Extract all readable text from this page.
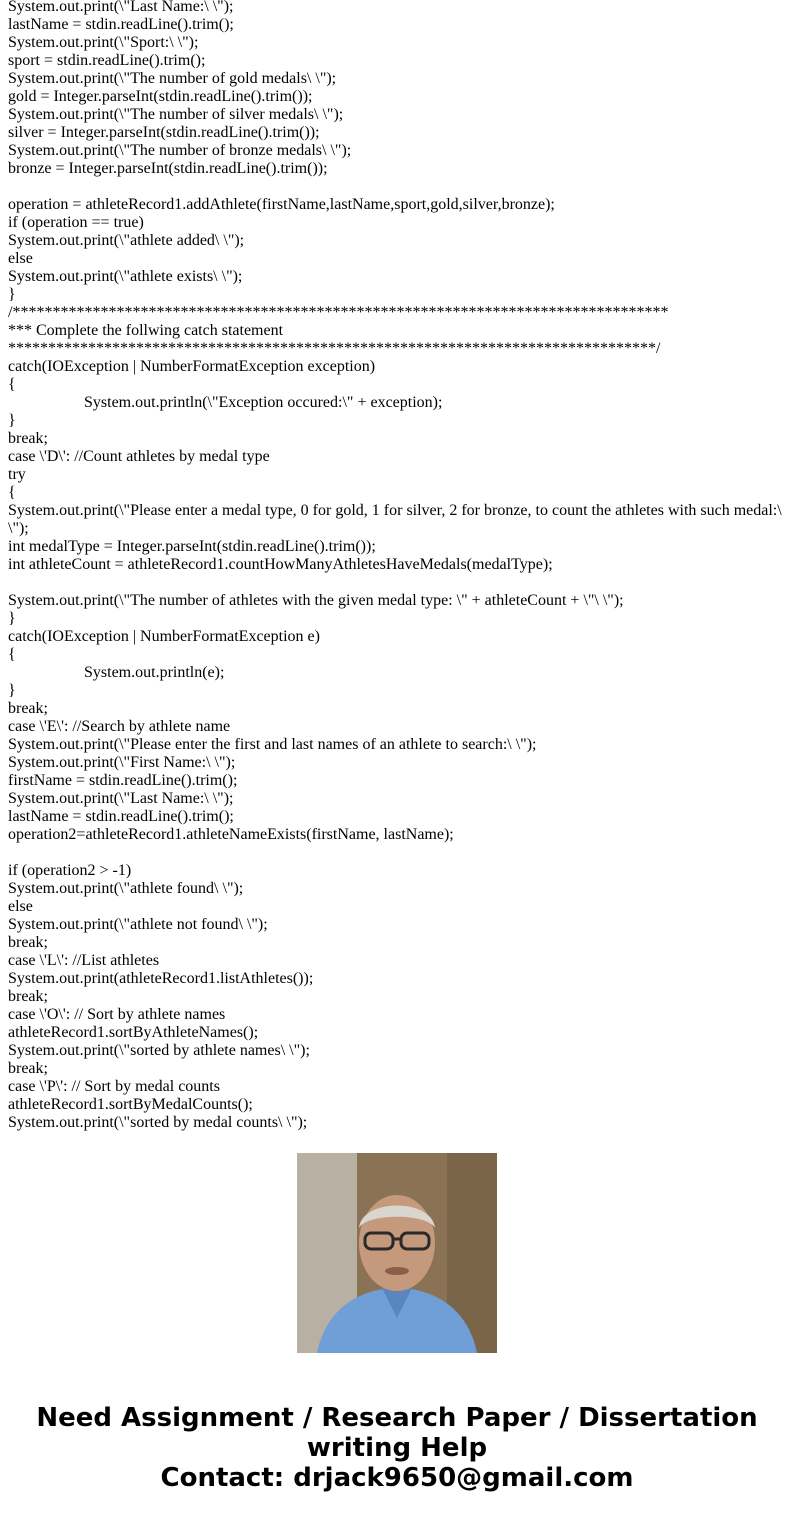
System.out.print(\"Last Name:\ \");
lastName = stdin.readLine().trim();
System.out.print(\"Sport:\ \");
sport = stdin.readLine().trim();
System.out.print(\"The number of gold medals\ \");
gold = Integer.parseInt(stdin.readLine().trim());
System.out.print(\"The number of silver medals\ \");
silver = Integer.parseInt(stdin.readLine().trim());
System.out.print(\"The number of bronze medals\ \");
bronze = Integer.parseInt(stdin.readLine().trim());
operation = athleteRecord1.addAthlete(firstName,lastName,sport,gold,silver,bronze);
if (operation == true)
System.out.print(\"athlete added\ \");
else
System.out.print(\"athlete exists\ \");
}
/**********************************************************************************
*** Complete the follwing catch statement
*********************************************************************************/
catch(IOException | NumberFormatException exception)
{
System.out.println(\"Exception occured:\" + exception);
}
break;
case \'D\': //Count athletes by medal type
try
{
System.out.print(\"Please enter a medal type, 0 for gold, 1 for silver, 2 for bronze, to count the athletes with such medal:\ \");
int medalType = Integer.parseInt(stdin.readLine().trim());
int athleteCount = athleteRecord1.countHowManyAthletesHaveMedals(medalType);
System.out.print(\"The number of athletes with the given medal type: \" + athleteCount + \"\ \");
}
catch(IOException | NumberFormatException e)
{
System.out.println(e);
}
break;
case \'E\': //Search by athlete name
System.out.print(\"Please enter the first and last names of an athlete to search:\ \");
System.out.print(\"First Name:\ \");
firstName = stdin.readLine().trim();
System.out.print(\"Last Name:\ \");
lastName = stdin.readLine().trim();
operation2=athleteRecord1.athleteNameExists(firstName, lastName);
if (operation2 > -1)
System.out.print(\"athlete found\ \");
else
System.out.print(\"athlete not found\ \");
break;
case \'L\': //List athletes
System.out.print(athleteRecord1.listAthletes());
break;
case \'O\': // Sort by athlete names
athleteRecord1.sortByAthleteNames();
System.out.print(\"sorted by athlete names\ \");
break;
case \'P\': // Sort by medal counts
athleteRecord1.sortByMedalCounts();
System.out.print(\"sorted by medal counts\ \");
Need Assignment / Research Paper / Dissertation writing Help
Contact: drjack9650@gmail.com
